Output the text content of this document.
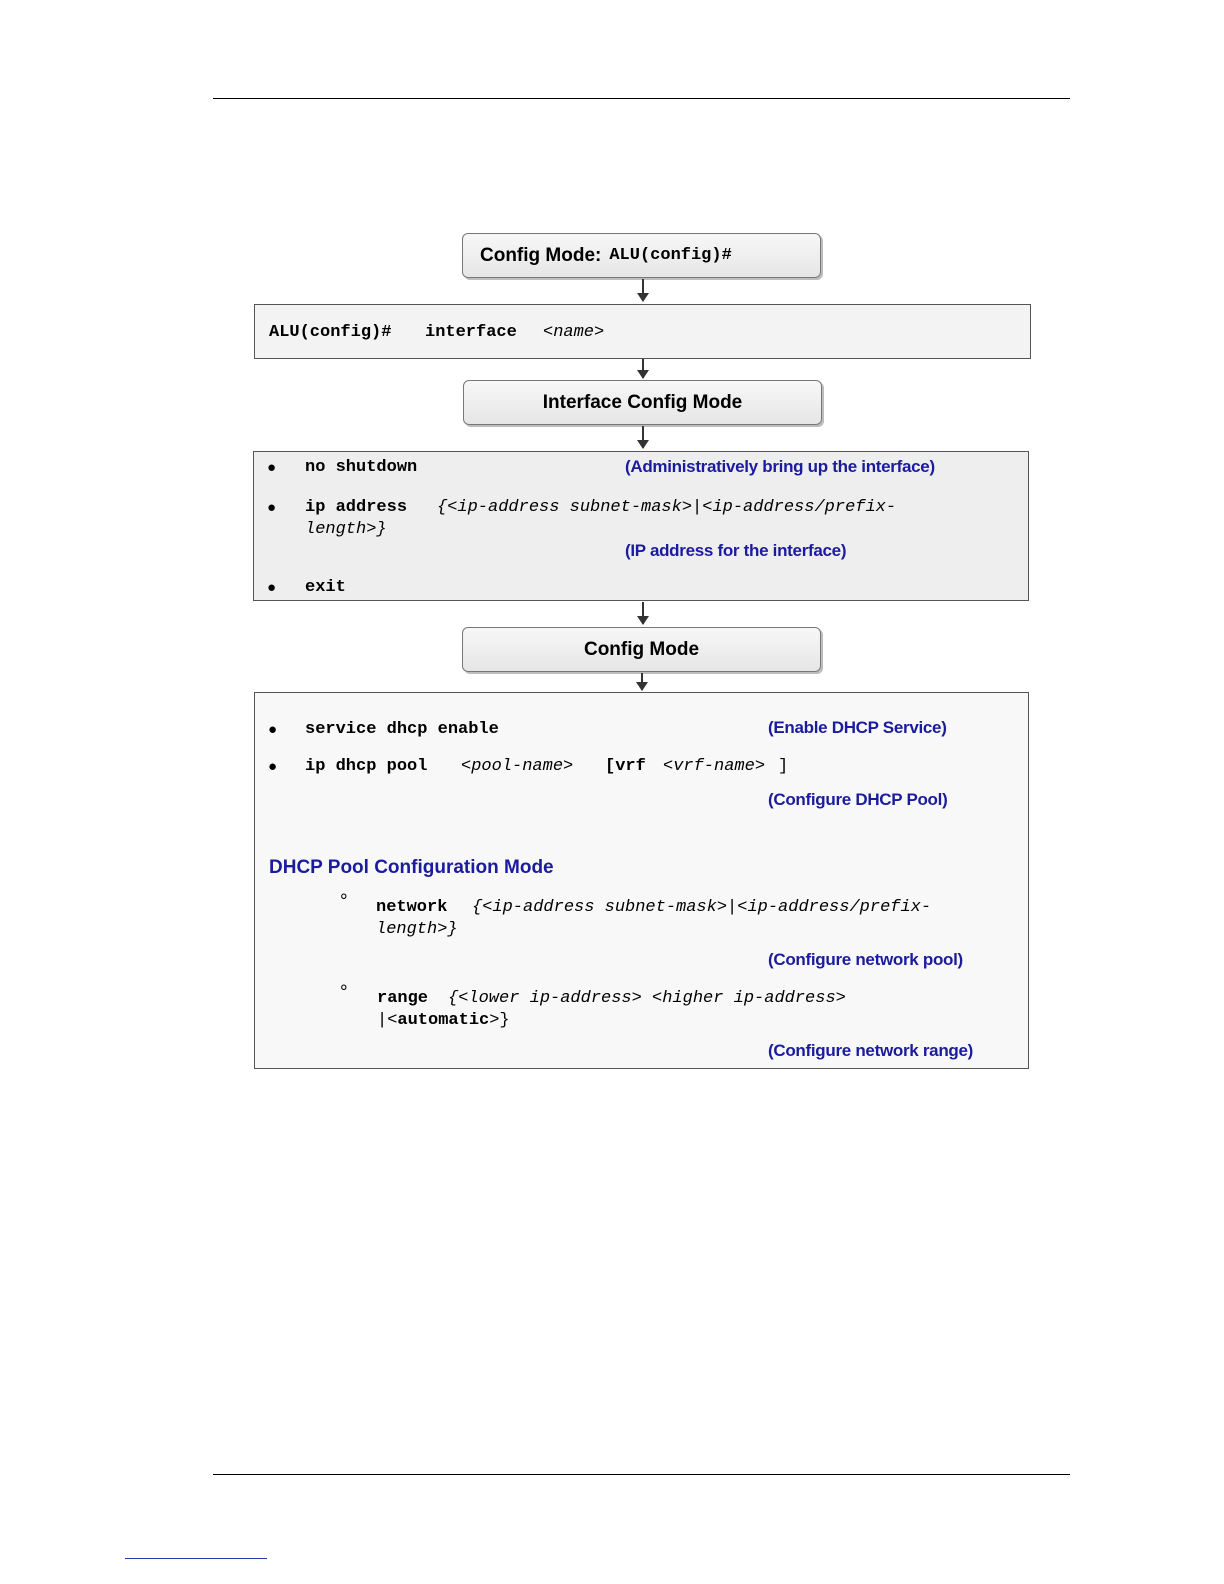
Config Mode: ALU(config)#
ALU(config)# interface <name>
Interface Config Mode
● no shutdown	(Administratively bring up the interface)
● ip address {<ip-address subnet-mask>|<ip-address/prefix-
length>}
(IP address for the interface)
● exit
Config Mode
● service dhcp enable	(Enable DHCP Service)
● ip dhcp pool <pool-name> [vrf <vrf-name> ]
(Configure DHCP Pool)
DHCP Pool Configuration Mode
° network {<ip-address subnet-mask>|<ip-address/prefix-
length>}
(Configure network pool)
° range {<lower ip-address> <higher ip-address>
|<automatic>}
(Configure network range)
